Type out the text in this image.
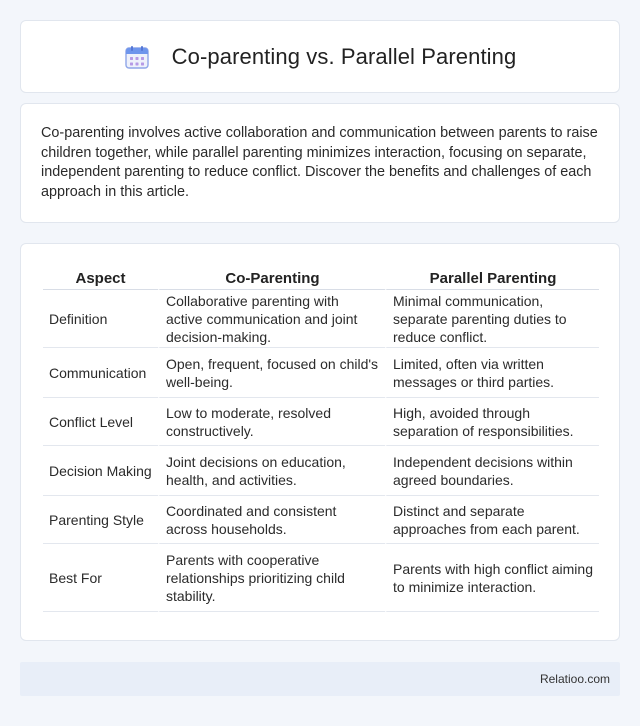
Co-parenting vs. Parallel Parenting

Co-parenting involves active collaboration and communication between parents to raise children together, while parallel parenting minimizes interaction, focusing on separate, independent parenting to reduce conflict. Discover the benefits and challenges of each approach in this article.

Aspect	Co-Parenting	Parallel Parenting
Definition	Collaborative parenting with active communication and joint decision-making.	Minimal communication, separate parenting duties to reduce conflict.
Communication	Open, frequent, focused on child's well-being.	Limited, often via written messages or third parties.
Conflict Level	Low to moderate, resolved constructively.	High, avoided through separation of responsibilities.
Decision Making	Joint decisions on education, health, and activities.	Independent decisions within agreed boundaries.
Parenting Style	Coordinated and consistent across households.	Distinct and separate approaches from each parent.
Best For	Parents with cooperative relationships prioritizing child stability.	Parents with high conflict aiming to minimize interaction.
Relatioo.com
